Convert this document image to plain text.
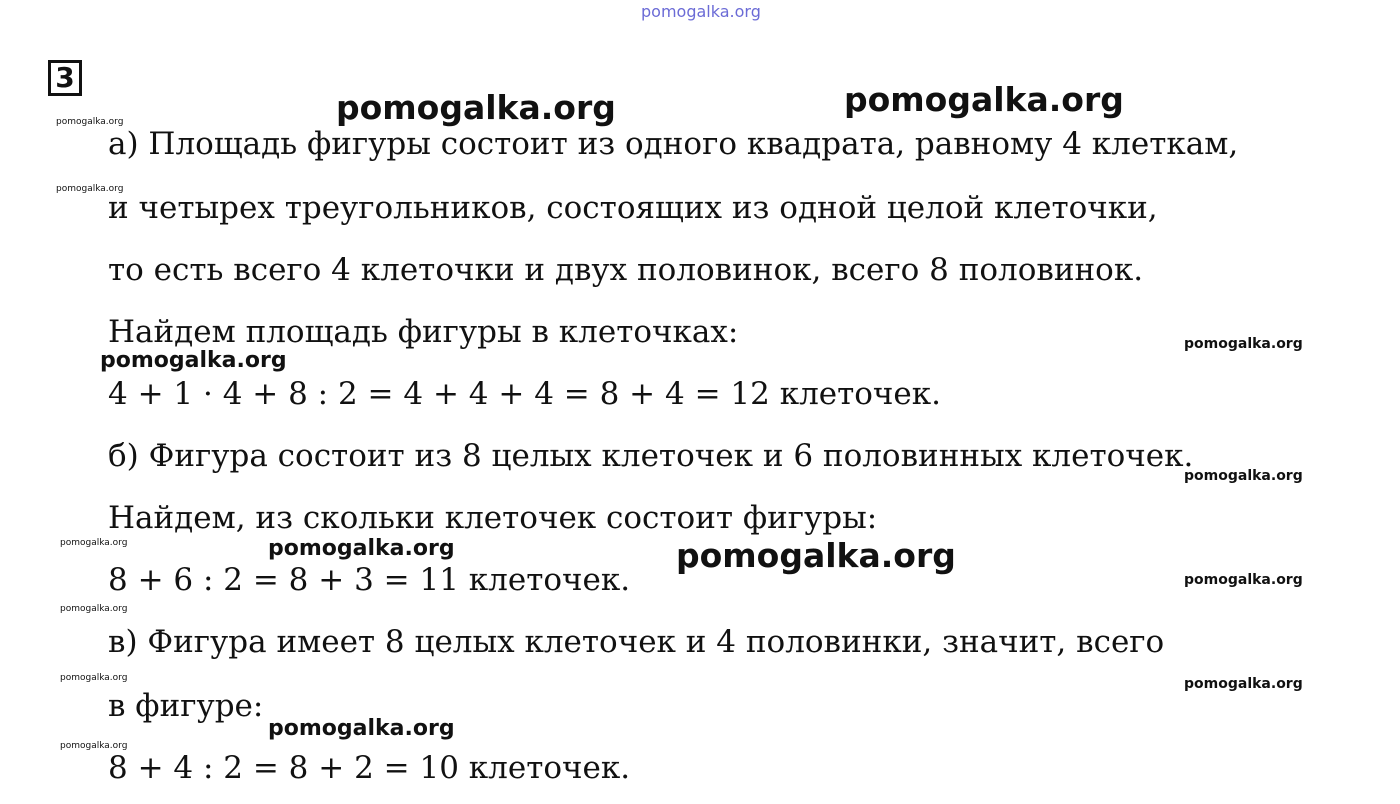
pomogalka.org
3
pomogalka.org	pomogalka.org
а) Площадь фигуры состоит из одного квадрата, равному 4 клеткам,
и четырех треугольников, состоящих из одной целой клеточки,
то есть всего 4 клеточки и двух половинок, всего 8 половинок.
Найдем площадь фигуры в клеточках:
4 + 1 · 4 + 8 : 2 = 4 + 4 + 4 = 8 + 4 = 12 клеточек.
б) Фигура состоит из 8 целых клеточек и 6 половинных клеточек.
Найдем, из скольки клеточек состоит фигуры:
8 + 6 : 2 = 8 + 3 = 11 клеточек.
в) Фигура имеет 8 целых клеточек и 4 половинки, значит, всего
в фигуре:
8 + 4 : 2 = 8 + 2 = 10 клеточек.
pomogalka.org
pomogalka.org	pomogalka.org
pomogalka.org
pomogalka.org
pomogalka.org
pomogalka.org
pomogalka.org
pomogalka.org
pomogalka.org
pomogalka.org
pomogalka.org
pomogalka.org
pomogalka.org
